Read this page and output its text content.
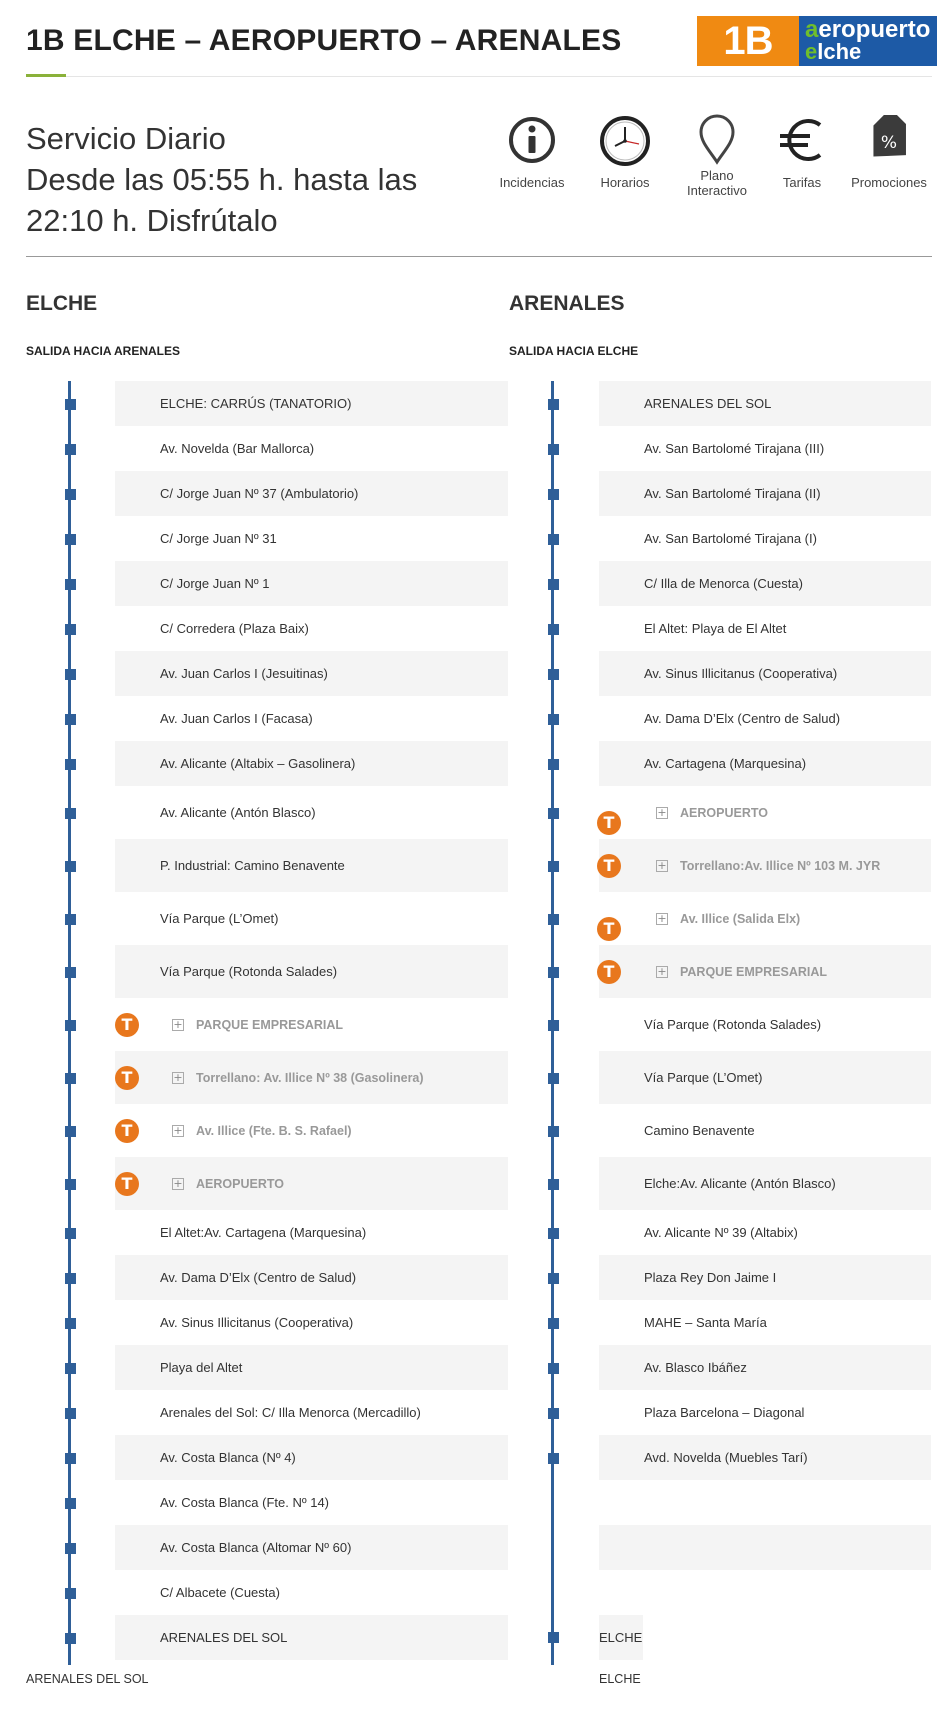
1B ELCHE – AEROPUERTO – ARENALES	1B	aeropuerto
elche
Servicio Diario
Desde las 05:55 h. hasta las
22:10 h. Disfrútalo
Incidencias	Horarios	Plano
Interactivo
Tarifas
%
Promociones
ELCHE
SALIDA HACIA ARENALES
ARENALES
SALIDA HACIA ELCHE
ARENALES DEL SOL	ELCHE
ELCHE: CARRÚS (TANATORIO)
Av. Novelda (Bar Mallorca)
C/ Jorge Juan Nº 37 (Ambulatorio)
C/ Jorge Juan Nº 31
C/ Jorge Juan Nº 1
C/ Corredera (Plaza Baix)
Av. Juan Carlos I (Jesuitinas)
Av. Juan Carlos I (Facasa)
Av. Alicante (Altabix – Gasolinera)
Av. Alicante (Antón Blasco)
P. Industrial: Camino Benavente
Vía Parque (L’Omet)
Vía Parque (Rotonda Salades)
+	PARQUE EMPRESARIAL
T
+	Torrellano: Av. Illice Nº 38 (Gasolinera)
T
+	Av. Illice (Fte. B. S. Rafael)
T
+	AEROPUERTO
T
El Altet:Av. Cartagena (Marquesina)
Av. Dama D’Elx (Centro de Salud)
Av. Sinus Illicitanus (Cooperativa)
Playa del Altet
Arenales del Sol: C/ Illa Menorca (Mercadillo)
Av. Costa Blanca (Nº 4)
Av. Costa Blanca (Fte. Nº 14)
Av. Costa Blanca (Altomar Nº 60)
C/ Albacete (Cuesta)
ARENALES DEL SOL
ARENALES DEL SOL
Av. San Bartolomé Tirajana (III)
Av. San Bartolomé Tirajana (II)
Av. San Bartolomé Tirajana (I)
C/ Illa de Menorca (Cuesta)
El Altet: Playa de El Altet
Av. Sinus Illicitanus (Cooperativa)
Av. Dama D’Elx (Centro de Salud)
Av. Cartagena (Marquesina)
+	AEROPUERTO
T
+	Torrellano:Av. Illice Nº 103 M. JYR
T
+	Av. Illice (Salida Elx)
T
+	PARQUE EMPRESARIAL
T
Vía Parque (Rotonda Salades)
Vía Parque (L’Omet)
Camino Benavente
Elche:Av. Alicante (Antón Blasco)
Av. Alicante Nº 39 (Altabix)
Plaza Rey Don Jaime I
MAHE – Santa María
Av. Blasco Ibáñez
Plaza Barcelona – Diagonal
Avd. Novelda (Muebles Tarí)
ELCHE
